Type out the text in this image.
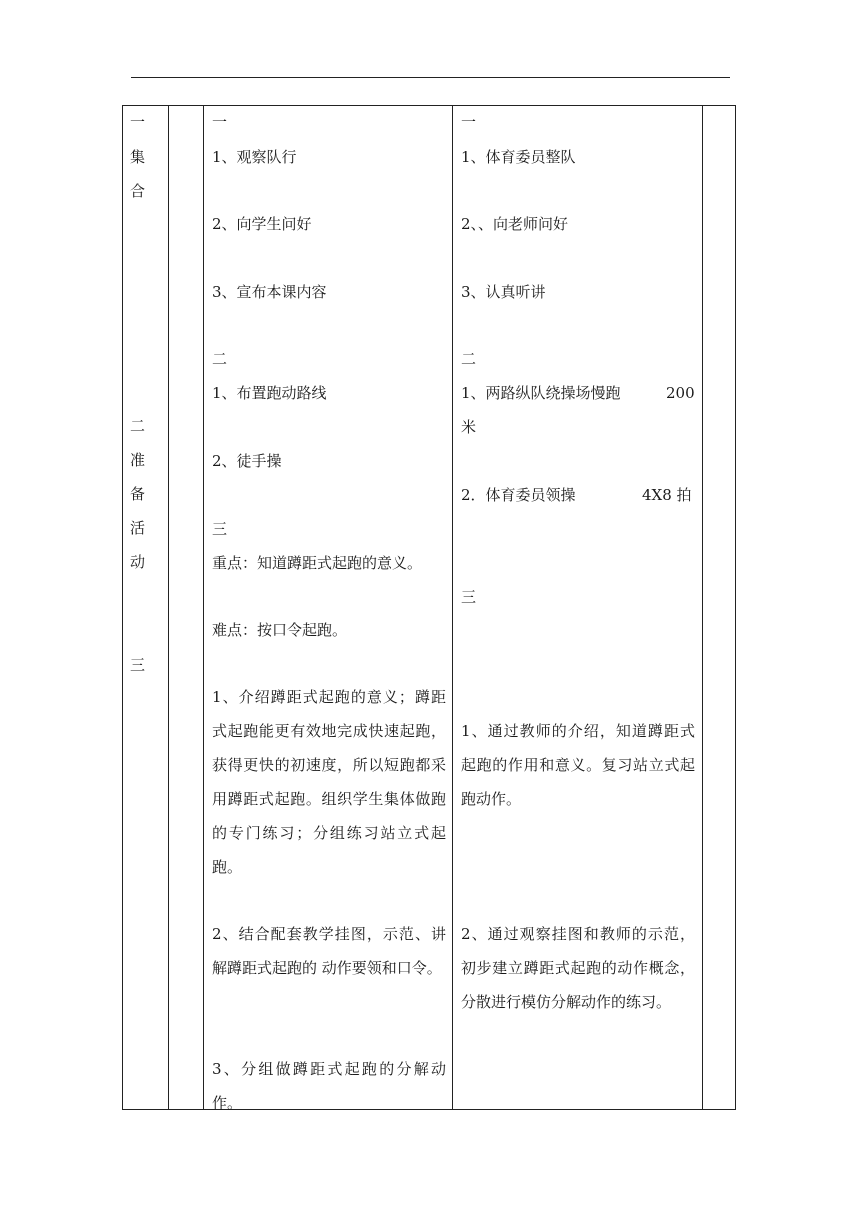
一
集
合
二
准
备
活
动
三
一
1、观察队行
2、向学生问好
3、宣布本课内容
二
1、布置跑动路线
2、徒手操
三
重点：知道蹲距式起跑的意义。
难点：按口令起跑。
1、介绍蹲距式起跑的意义；蹲距式起跑能更有效地完成快速起跑，获得更快的初速度，所以短跑都采用蹲距式起跑。组织学生集体做跑的专门练习；分组练习站立式起跑。
2、结合配套教学挂图，示范、讲解蹲距式起跑的 动作要领和口令。
3、分组做蹲距式起跑的分解动作。
一
1、体育委员整队
2、、向老师问好
3、认真听讲
二
1、两路纵队绕操场慢跑	200
米
2．体育委员领操	4X8 拍
三
1、通过教师的介绍，知道蹲距式起跑的作用和意义。复习站立式起跑动作。
2、通过观察挂图和教师的示范，初步建立蹲距式起跑的动作概念，分散进行模仿分解动作的练习。
